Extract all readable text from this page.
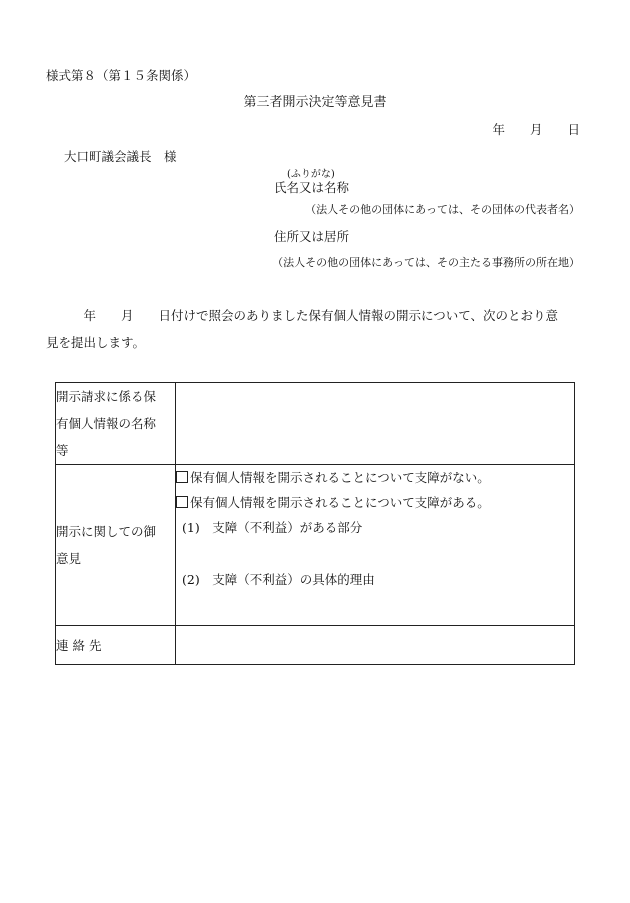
様式第８（第１５条関係）
第三者開示決定等意見書
年　　月　　日
大口町議会議長　様
(ふりがな)
氏名又は名称
（法人その他の団体にあっては、その団体の代表者名）
住所又は居所
（法人その他の団体にあっては、その主たる事務所の所在地）
　　　年　　月　　日付けで照会のありました保有個人情報の開示について、次のとおり意
見を提出します。
開示請求に係る保有個人情報の名称等	

開示に関しての御意見	保有個人情報を開示されることについて支障がない。
保有個人情報を開示されることについて支障がある。
(1)　支障（不利益）がある部分
(2)　支障（不利益）の具体的理由

連 絡 先	
